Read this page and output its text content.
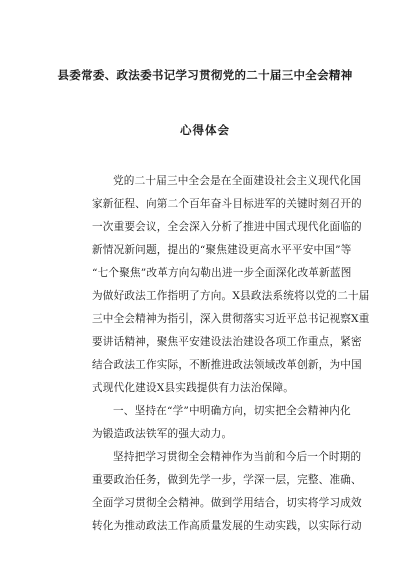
县委常委、政法委书记学习贯彻党的二十届三中全会精神
心得体会
党的二十届三中全会是在全面建设社会主义现代化国
家新征程、向第二个百年奋斗目标进军的关键时刻召开的
一次重要会议，全会深入分析了推进中国式现代化面临的
新情况新问题，提出的“聚焦建设更高水平平安中国”等
“七个聚焦”改革方向勾勒出进一步全面深化改革新蓝图
为做好政法工作指明了方向。X县政法系统将以党的二十届
三中全会精神为指引，深入贯彻落实习近平总书记视察X重
要讲话精神，聚焦平安建设法治建设各项工作重点，紧密
结合政法工作实际，不断推进政法领域改革创新，为中国
式现代化建设X县实践提供有力法治保障。
一、坚持在“学”中明确方向，切实把全会精神内化
为锻造政法铁军的强大动力。
坚持把学习贯彻全会精神作为当前和今后一个时期的
重要政治任务，做到先学一步，学深一层，完整、准确、
全面学习贯彻全会精神。做到学用结合，切实将学习成效
转化为推动政法工作高质量发展的生动实践，以实际行动
